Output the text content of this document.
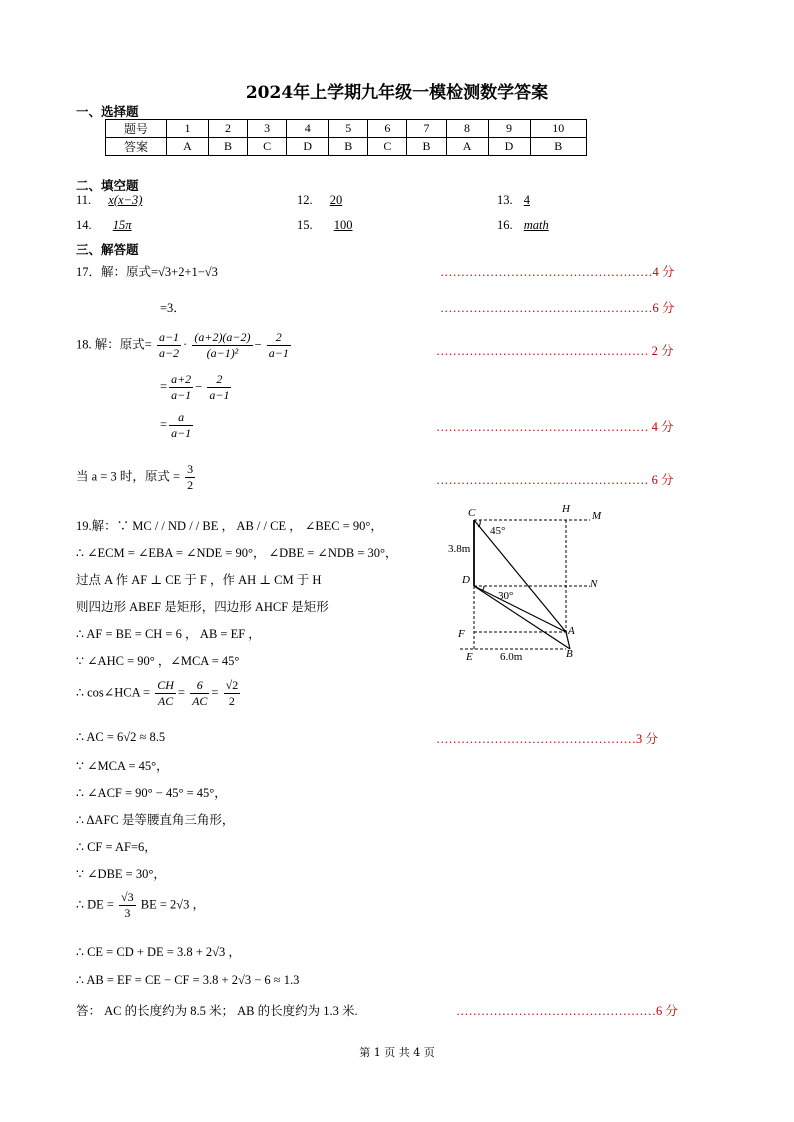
2024年上学期九年级一模检测数学答案
一、选择题
题号	1	2	3	4	5	6	7	8	9	10
答案	A	B	C	D	B	C	B	A	D	B
二、填空题
11. x(x−3)	12. 20	13. 4
14. 15π	15. 100	16. math
三、解答题
17．解：原式=√3+2+1−√3	……………………………………………4 分
=3．	……………………………………………6 分
18. 解：原式= $\frac{a-1}{a-2} \cdot \frac{(a+2)(a-2)}{\text{(a−1)²}} - \frac{2}{a-1}$	…………………………………………… 2 分
= $\frac{a+2}{a-1} - \frac{2}{a-1}$
= $\frac{a}{a-1}$	…………………………………………… 4 分
当 a = 3 时，原式 = $\frac{3}{2}$	…………………………………………… 6 分
19.解：∵ MC / / ND / / BE ， AB / / CE ， ∠BEC = 90°，
∴ ∠ECM = ∠EBA = ∠NDE = 90°， ∠DBE = ∠NDB = 30°，
过点 A 作 AF ⊥ CE 于 F ，作 AH ⊥ CM 于 H
则四边形 ABEF 是矩形，四边形 AHCF 是矩形
∴ AF = BE = CH = 6 ， AB = EF ，
∵ ∠AHC = 90° ，∠MCA = 45°
∴ cos∠HCA = $\frac{CH}{AC} = \frac{6}{AC} = \frac{√2}{2}$
∴ AC = 6√2 ≈ 8.5	…………………………………………3 分
∵ ∠MCA = 45°，
∴ ∠ACF = 90° − 45° = 45°，
∴ ΔAFC 是等腰直角三角形，
∴ CF = AF=6，
∵ ∠DBE = 30°，
∴ DE = $\frac{√3}{3}$ BE = 2√3 ，
∴ CE = CD + DE = 3.8 + 2√3 ，
∴ AB = EF = CE − CF = 3.8 + 2√3 − 6 ≈ 1.3
答： AC 的长度约为 8.5 米； AB 的长度约为 1.3 米.	…………………………………………6 分
C	H
M
D	N
F	A
E	B
45°
30°
3.8m
6.0m
第 1 页 共 4 页
